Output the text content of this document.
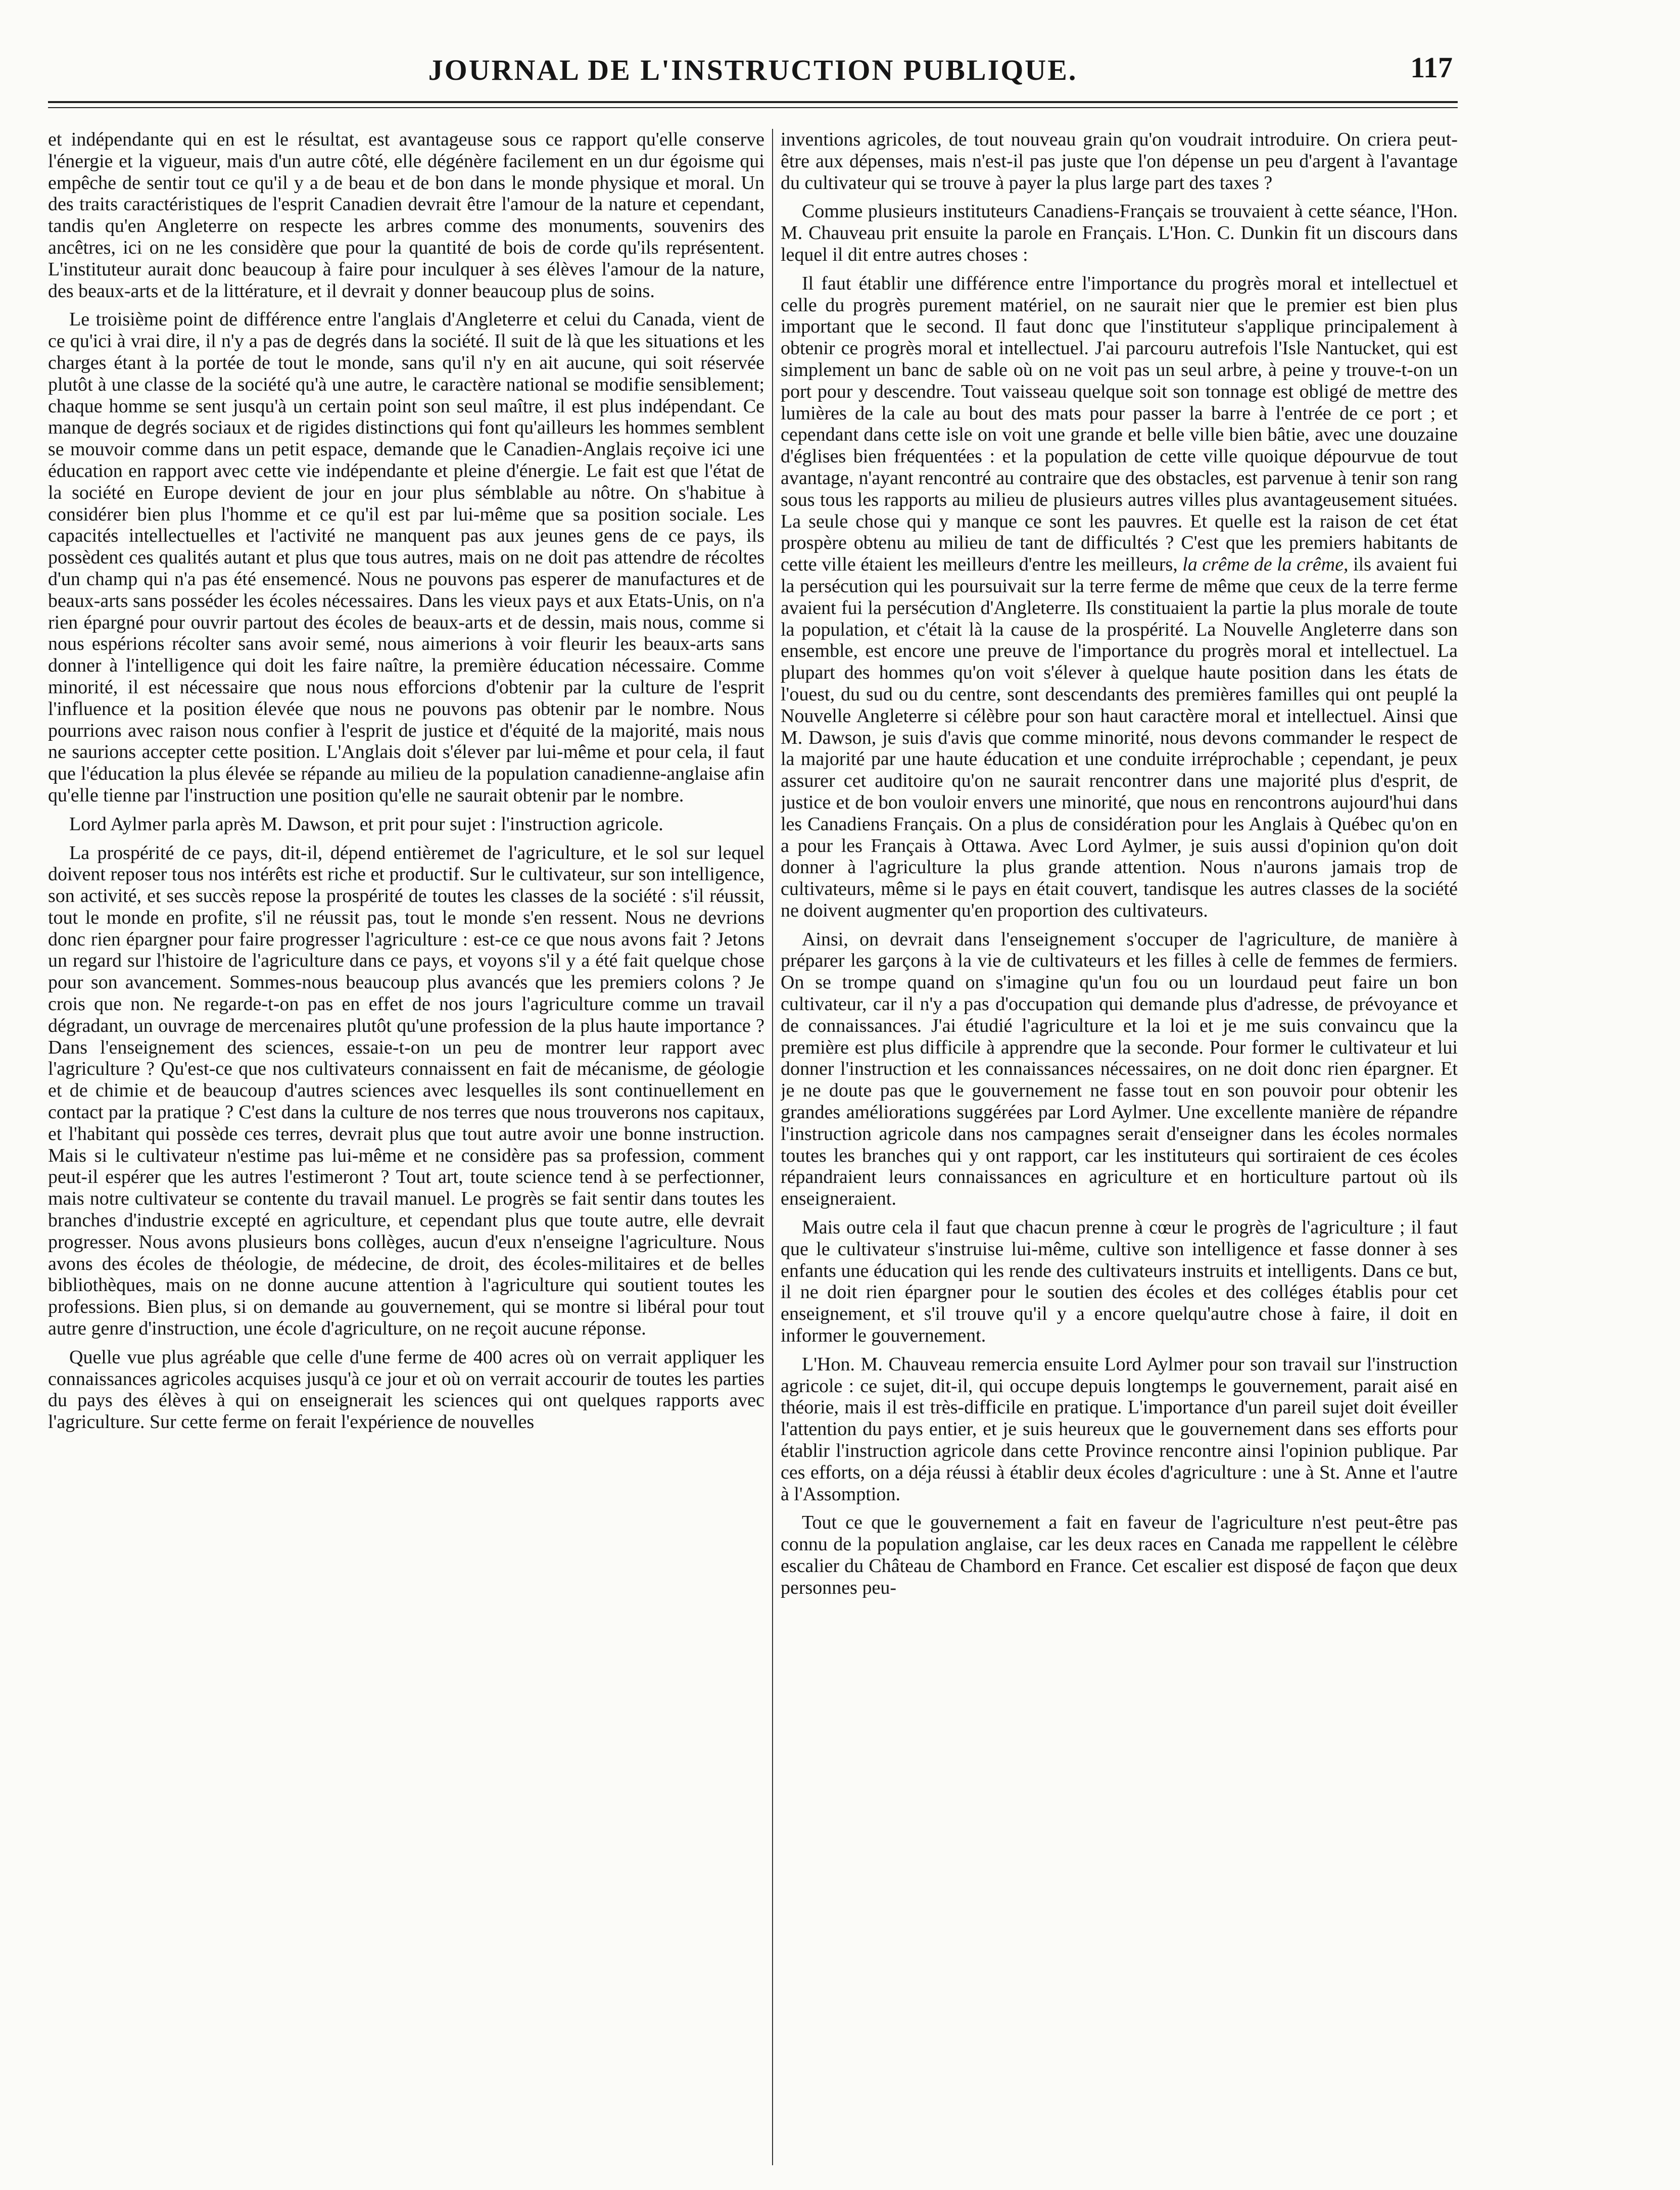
JOURNAL DE L'INSTRUCTION PUBLIQUE.	117

et indépendante qui en est le résultat, est avantageuse sous ce rapport qu'elle conserve l'énergie et la vigueur, mais d'un autre côté, elle dégénère facilement en un dur égoisme qui empêche de sentir tout ce qu'il y a de beau et de bon dans le monde physique et moral. Un des traits caractéristiques de l'esprit Canadien devrait être l'amour de la nature et cependant, tandis qu'en Angleterre on respecte les arbres comme des monuments, souvenirs des ancêtres, ici on ne les considère que pour la quantité de bois de corde qu'ils représentent. L'instituteur aurait donc beaucoup à faire pour inculquer à ses élèves l'amour de la nature, des beaux-arts et de la littérature, et il devrait y donner beaucoup plus de soins.

Le troisième point de différence entre l'anglais d'Angleterre et celui du Canada, vient de ce qu'ici à vrai dire, il n'y a pas de degrés dans la société. Il suit de là que les situations et les charges étant à la portée de tout le monde, sans qu'il n'y en ait aucune, qui soit réservée plutôt à une classe de la société qu'à une autre, le caractère national se modifie sensiblement; chaque homme se sent jusqu'à un certain point son seul maître, il est plus indépendant. Ce manque de degrés sociaux et de rigides distinctions qui font qu'ailleurs les hommes semblent se mouvoir comme dans un petit espace, demande que le Canadien-Anglais reçoive ici une éducation en rapport avec cette vie indépendante et pleine d'énergie. Le fait est que l'état de la société en Europe devient de jour en jour plus sémblable au nôtre. On s'habitue à considérer bien plus l'homme et ce qu'il est par lui-même que sa position sociale. Les capacités intellectuelles et l'activité ne manquent pas aux jeunes gens de ce pays, ils possèdent ces qualités autant et plus que tous autres, mais on ne doit pas attendre de récoltes d'un champ qui n'a pas été ensemencé. Nous ne pouvons pas esperer de manufactures et de beaux-arts sans posséder les écoles nécessaires. Dans les vieux pays et aux Etats-Unis, on n'a rien épargné pour ouvrir partout des écoles de beaux-arts et de dessin, mais nous, comme si nous espérions récolter sans avoir semé, nous aimerions à voir fleurir les beaux-arts sans donner à l'intelligence qui doit les faire naître, la première éducation nécessaire. Comme minorité, il est nécessaire que nous nous efforcions d'obtenir par la culture de l'esprit l'influence et la position élevée que nous ne pouvons pas obtenir par le nombre. Nous pourrions avec raison nous confier à l'esprit de justice et d'équité de la majorité, mais nous ne saurions accepter cette position. L'Anglais doit s'élever par lui-même et pour cela, il faut que l'éducation la plus élevée se répande au milieu de la population canadienne-anglaise afin qu'elle tienne par l'instruction une position qu'elle ne saurait obtenir par le nombre.

Lord Aylmer parla après M. Dawson, et prit pour sujet : l'instruction agricole.

La prospérité de ce pays, dit-il, dépend entièremet de l'agriculture, et le sol sur lequel doivent reposer tous nos intérêts est riche et productif. Sur le cultivateur, sur son intelligence, son activité, et ses succès repose la prospérité de toutes les classes de la société : s'il réussit, tout le monde en profite, s'il ne réussit pas, tout le monde s'en ressent. Nous ne devrions donc rien épargner pour faire progresser l'agriculture : est-ce ce que nous avons fait ? Jetons un regard sur l'histoire de l'agriculture dans ce pays, et voyons s'il y a été fait quelque chose pour son avancement. Sommes-nous beaucoup plus avancés que les premiers colons ? Je crois que non. Ne regarde-t-on pas en effet de nos jours l'agriculture comme un travail dégradant, un ouvrage de mercenaires plutôt qu'une profession de la plus haute importance ? Dans l'enseignement des sciences, essaie-t-on un peu de montrer leur rapport avec l'agriculture ? Qu'est-ce que nos cultivateurs connaissent en fait de mécanisme, de géologie et de chimie et de beaucoup d'autres sciences avec lesquelles ils sont continuellement en contact par la pratique ? C'est dans la culture de nos terres que nous trouverons nos capitaux, et l'habitant qui possède ces terres, devrait plus que tout autre avoir une bonne instruction. Mais si le cultivateur n'estime pas lui-même et ne considère pas sa profession, comment peut-il espérer que les autres l'estimeront ? Tout art, toute science tend à se perfectionner, mais notre cultivateur se contente du travail manuel. Le progrès se fait sentir dans toutes les branches d'industrie excepté en agriculture, et cependant plus que toute autre, elle devrait progresser. Nous avons plusieurs bons collèges, aucun d'eux n'enseigne l'agriculture. Nous avons des écoles de théologie, de médecine, de droit, des écoles-militaires et de belles bibliothèques, mais on ne donne aucune attention à l'agriculture qui soutient toutes les professions. Bien plus, si on demande au gouvernement, qui se montre si libéral pour tout autre genre d'instruction, une école d'agriculture, on ne reçoit aucune réponse.

Quelle vue plus agréable que celle d'une ferme de 400 acres où on verrait appliquer les connaissances agricoles acquises jusqu'à ce jour et où on verrait accourir de toutes les parties du pays des élèves à qui on enseignerait les sciences qui ont quelques rapports avec l'agriculture. Sur cette ferme on ferait l'expérience de nouvelles

inventions agricoles, de tout nouveau grain qu'on voudrait introduire. On criera peut-être aux dépenses, mais n'est-il pas juste que l'on dépense un peu d'argent à l'avantage du cultivateur qui se trouve à payer la plus large part des taxes ?

Comme plusieurs instituteurs Canadiens-Français se trouvaient à cette séance, l'Hon. M. Chauveau prit ensuite la parole en Français. L'Hon. C. Dunkin fit un discours dans lequel il dit entre autres choses :

Il faut établir une différence entre l'importance du progrès moral et intellectuel et celle du progrès purement matériel, on ne saurait nier que le premier est bien plus important que le second. Il faut donc que l'instituteur s'applique principalement à obtenir ce progrès moral et intellectuel. J'ai parcouru autrefois l'Isle Nantucket, qui est simplement un banc de sable où on ne voit pas un seul arbre, à peine y trouve-t-on un port pour y descendre. Tout vaisseau quelque soit son tonnage est obligé de mettre des lumières de la cale au bout des mats pour passer la barre à l'entrée de ce port ; et cependant dans cette isle on voit une grande et belle ville bien bâtie, avec une douzaine d'églises bien fréquentées : et la population de cette ville quoique dépourvue de tout avantage, n'ayant rencontré au contraire que des obstacles, est parvenue à tenir son rang sous tous les rapports au milieu de plusieurs autres villes plus avantageusement situées. La seule chose qui y manque ce sont les pauvres. Et quelle est la raison de cet état prospère obtenu au milieu de tant de difficultés ? C'est que les premiers habitants de cette ville étaient les meilleurs d'entre les meilleurs, la crême de la crême, ils avaient fui la persécution qui les poursuivait sur la terre ferme de même que ceux de la terre ferme avaient fui la persécution d'Angleterre. Ils constituaient la partie la plus morale de toute la population, et c'était là la cause de la prospérité. La Nouvelle Angleterre dans son ensemble, est encore une preuve de l'importance du progrès moral et intellectuel. La plupart des hommes qu'on voit s'élever à quelque haute position dans les états de l'ouest, du sud ou du centre, sont descendants des premières familles qui ont peuplé la Nouvelle Angleterre si célèbre pour son haut caractère moral et intellectuel. Ainsi que M. Dawson, je suis d'avis que comme minorité, nous devons commander le respect de la majorité par une haute éducation et une conduite irréprochable ; cependant, je peux assurer cet auditoire qu'on ne saurait rencontrer dans une majorité plus d'esprit, de justice et de bon vouloir envers une minorité, que nous en rencontrons aujourd'hui dans les Canadiens Français. On a plus de considération pour les Anglais à Québec qu'on en a pour les Français à Ottawa. Avec Lord Aylmer, je suis aussi d'opinion qu'on doit donner à l'agriculture la plus grande attention. Nous n'aurons jamais trop de cultivateurs, même si le pays en était couvert, tandisque les autres classes de la société ne doivent augmenter qu'en proportion des cultivateurs.

Ainsi, on devrait dans l'enseignement s'occuper de l'agriculture, de manière à préparer les garçons à la vie de cultivateurs et les filles à celle de femmes de fermiers. On se trompe quand on s'imagine qu'un fou ou un lourdaud peut faire un bon cultivateur, car il n'y a pas d'occupation qui demande plus d'adresse, de prévoyance et de connaissances. J'ai étudié l'agriculture et la loi et je me suis convaincu que la première est plus difficile à apprendre que la seconde. Pour former le cultivateur et lui donner l'instruction et les connaissances nécessaires, on ne doit donc rien épargner. Et je ne doute pas que le gouvernement ne fasse tout en son pouvoir pour obtenir les grandes améliorations suggérées par Lord Aylmer. Une excellente manière de répandre l'instruction agricole dans nos campagnes serait d'enseigner dans les écoles normales toutes les branches qui y ont rapport, car les instituteurs qui sortiraient de ces écoles répandraient leurs connaissances en agriculture et en horticulture partout où ils enseigneraient.

Mais outre cela il faut que chacun prenne à cœur le progrès de l'agriculture ; il faut que le cultivateur s'instruise lui-même, cultive son intelligence et fasse donner à ses enfants une éducation qui les rende des cultivateurs instruits et intelligents. Dans ce but, il ne doit rien épargner pour le soutien des écoles et des colléges établis pour cet enseignement, et s'il trouve qu'il y a encore quelqu'autre chose à faire, il doit en informer le gouvernement.

L'Hon. M. Chauveau remercia ensuite Lord Aylmer pour son travail sur l'instruction agricole : ce sujet, dit-il, qui occupe depuis longtemps le gouvernement, parait aisé en théorie, mais il est très-difficile en pratique. L'importance d'un pareil sujet doit éveiller l'attention du pays entier, et je suis heureux que le gouvernement dans ses efforts pour établir l'instruction agricole dans cette Province rencontre ainsi l'opinion publique. Par ces efforts, on a déja réussi à établir deux écoles d'agriculture : une à St. Anne et l'autre à l'Assomption.

Tout ce que le gouvernement a fait en faveur de l'agriculture n'est peut-être pas connu de la population anglaise, car les deux races en Canada me rappellent le célèbre escalier du Château de Chambord en France. Cet escalier est disposé de façon que deux personnes peu-
